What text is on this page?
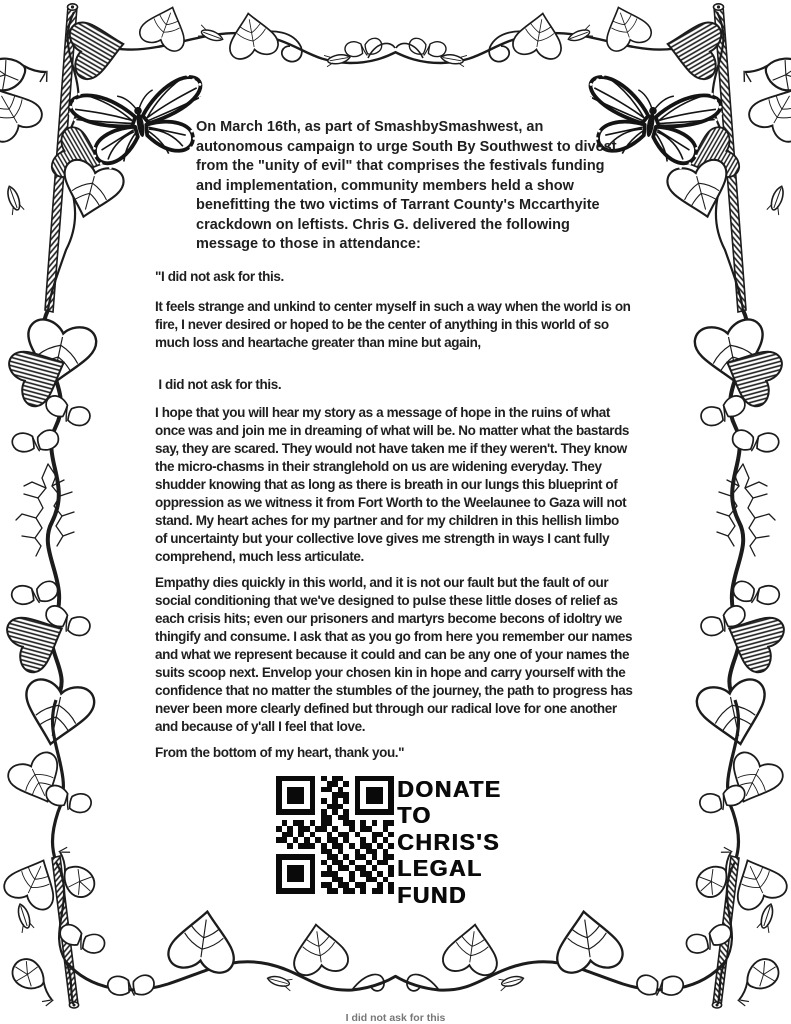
On March 16th, as part of SmashbySmashwest, an autonomous campaign to urge South By Southwest to divest from the "unity of evil" that comprises the festivals funding and implementation, community members held a show benefitting the two victims of Tarrant County's Mccarthyite crackdown on leftists. Chris G. delivered the following message to those in attendance:

"I did not ask for this.

It feels strange and unkind to center myself in such a way when the world is on fire, I never desired or hoped to be the center of anything in this world of so much loss and heartache greater than mine but again,

I did not ask for this.

I hope that you will hear my story as a message of hope in the ruins of what once was and join me in dreaming of what will be. No matter what the bastards say, they are scared. They would not have taken me if they weren't. They know the micro-chasms in their stranglehold on us are widening everyday. They shudder knowing that as long as there is breath in our lungs this blueprint of oppression as we witness it from Fort Worth to the Weelaunee to Gaza will not stand. My heart aches for my partner and for my children in this hellish limbo of uncertainty but your collective love gives me strength in ways I cant fully comprehend, much less articulate.

Empathy dies quickly in this world, and it is not our fault but the fault of our social conditioning that we've designed to pulse these little doses of relief as each crisis hits; even our prisoners and martyrs become becons of idoltry we thingify and consume. I ask that as you go from here you remember our names and what we represent because it could and can be any one of your names the suits scoop next. Envelop your chosen kin in hope and carry yourself with the confidence that no matter the stumbles of the journey, the path to progress has never been more clearly defined but through our radical love for one another and because of y'all I feel that love.

From the bottom of my heart, thank you."

DONATE
TO
CHRIS'S
LEGAL
FUND
I did not ask for this
